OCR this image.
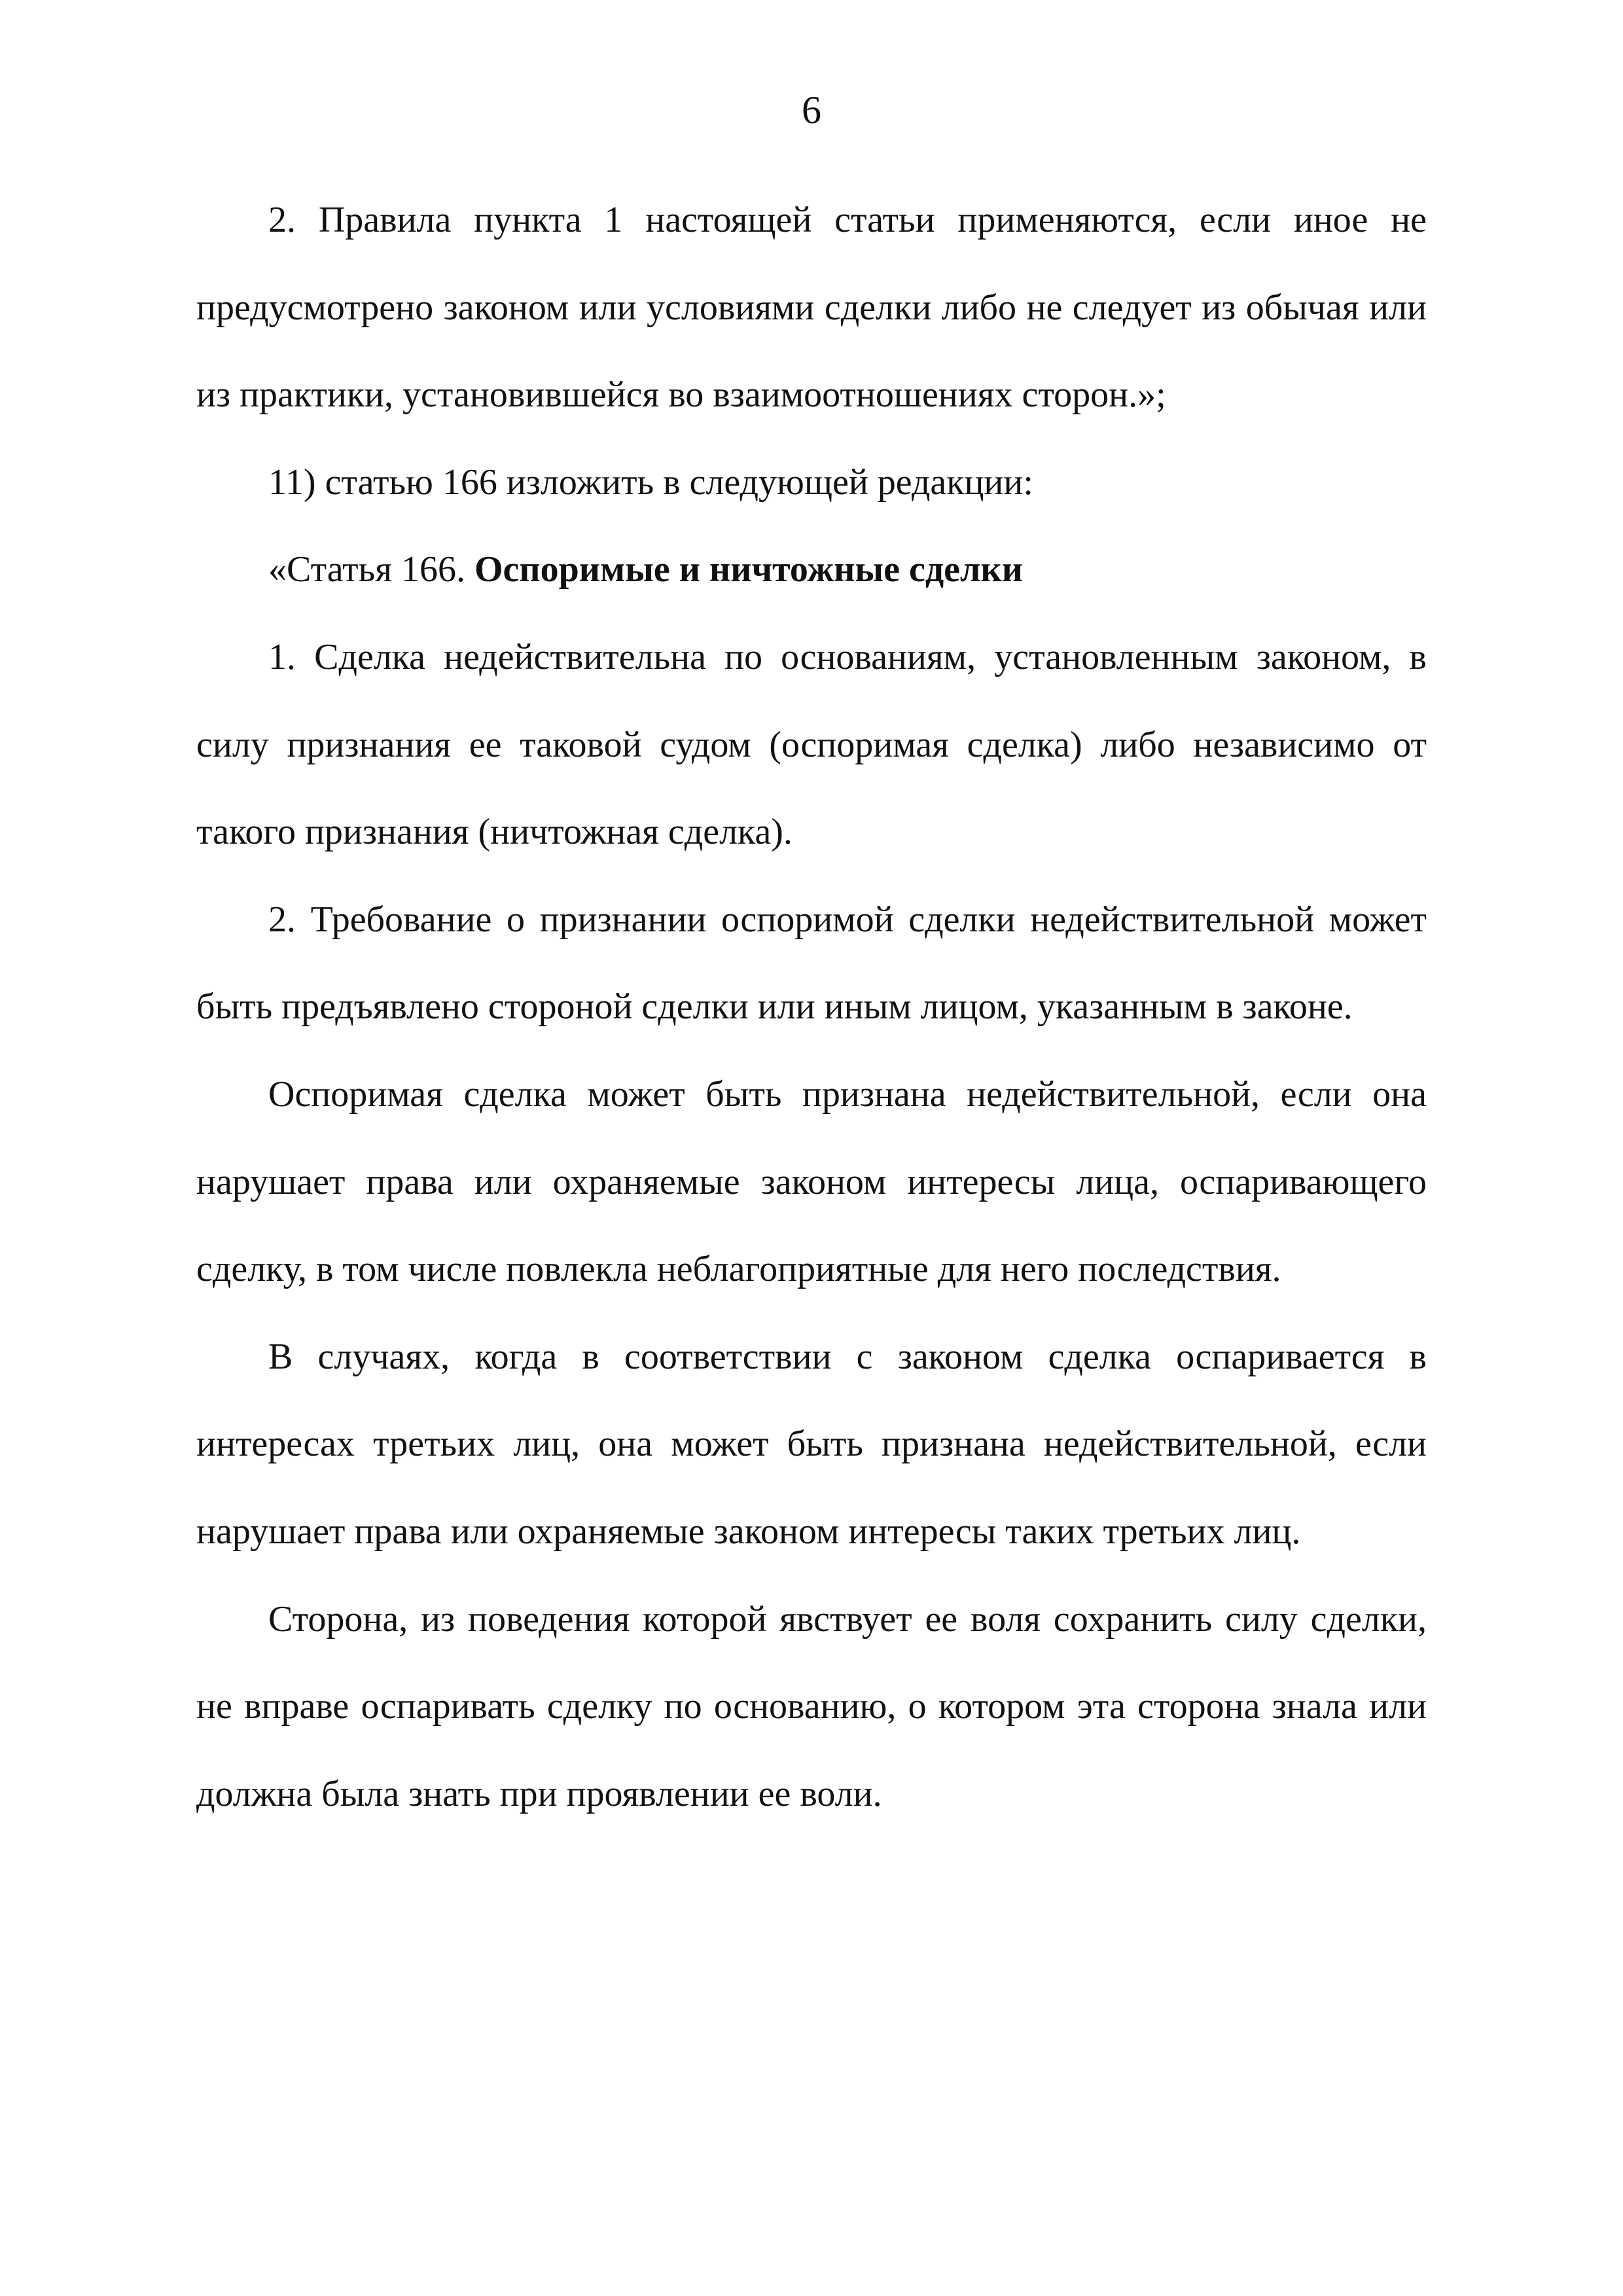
6

2. Правила пункта 1 настоящей статьи применяются, если иное не предусмотрено законом или условиями сделки либо не следует из обычая или из практики, установившейся во взаимоотношениях сторон.»;

11) статью 166 изложить в следующей редакции:

«Статья 166. Оспоримые и ничтожные сделки

1. Сделка недействительна по основаниям, установленным законом, в силу признания ее таковой судом (оспоримая сделка) либо независимо от такого признания (ничтожная сделка).

2. Требование о признании оспоримой сделки недействительной может быть предъявлено стороной сделки или иным лицом, указанным в законе.

Оспоримая сделка может быть признана недействительной, если она нарушает права или охраняемые законом интересы лица, оспаривающего сделку, в том числе повлекла неблагоприятные для него последствия.

В случаях, когда в соответствии с законом сделка оспаривается в интересах третьих лиц, она может быть признана недействительной, если нарушает права или охраняемые законом интересы таких третьих лиц.

Сторона, из поведения которой явствует ее воля сохранить силу сделки, не вправе оспаривать сделку по основанию, о котором эта сторона знала или должна была знать при проявлении ее воли.
